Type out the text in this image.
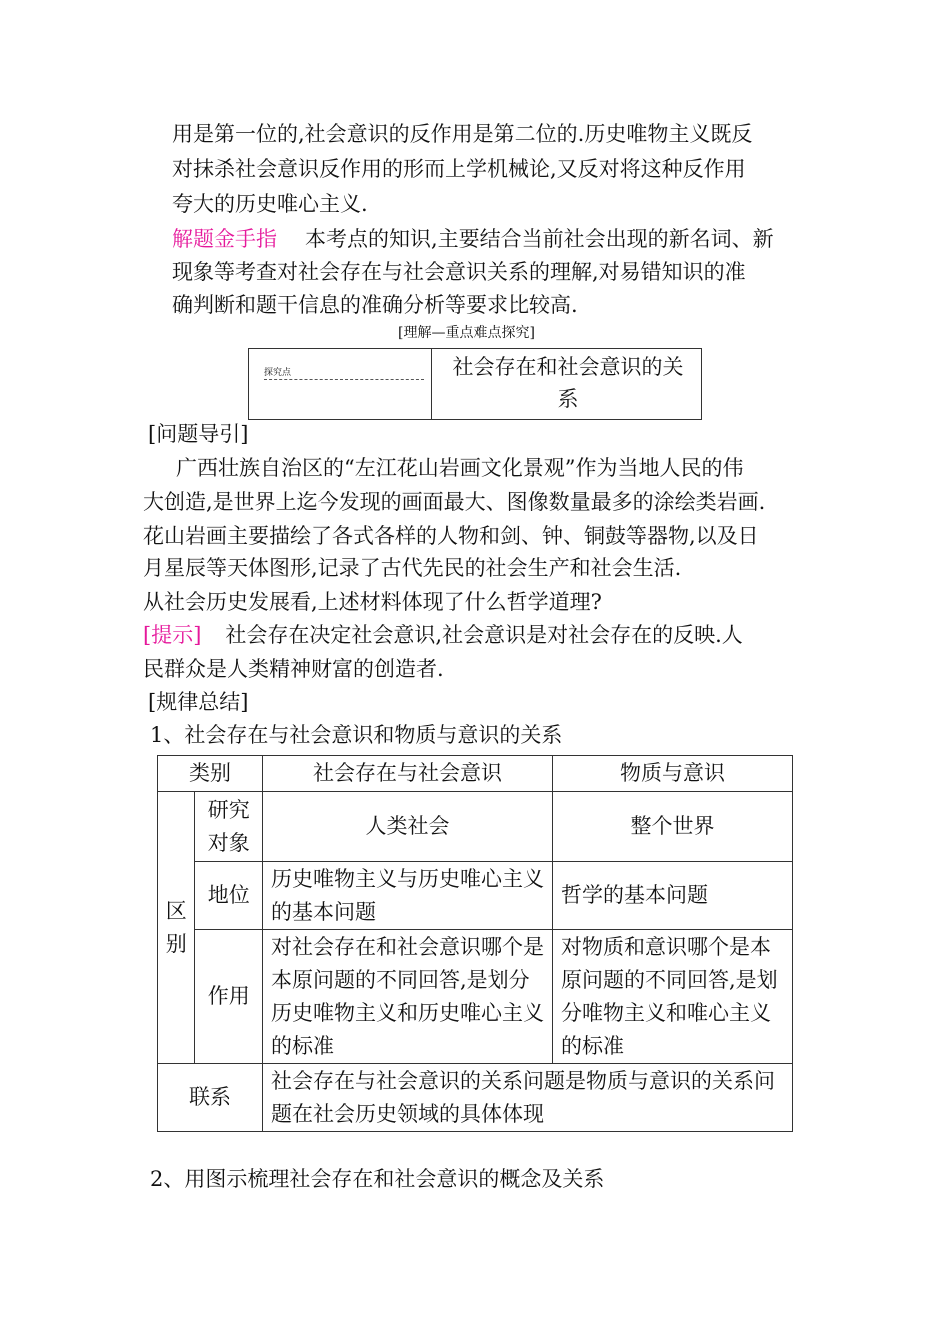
用是第一位的,社会意识的反作用是第二位的.历史唯物主义既反
对抹杀社会意识反作用的形而上学机械论,又反对将这种反作用
夸大的历史唯心主义.
解题金手指 本考点的知识,主要结合当前社会出现的新名词、新
现象等考查对社会存在与社会意识关系的理解,对易错知识的准
确判断和题干信息的准确分析等要求比较高.
[理解—重点难点探究]
社会存在和社会意识的关
系
探究点
[问题导引]
广西壮族自治区的“左江花山岩画文化景观”作为当地人民的伟
大创造,是世界上迄今发现的画面最大、图像数量最多的涂绘类岩画.
花山岩画主要描绘了各式各样的人物和剑、钟、铜鼓等器物,以及日
月星辰等天体图形,记录了古代先民的社会生产和社会生活.
从社会历史发展看,上述材料体现了什么哲学道理?
[提示] 社会存在决定社会意识,社会意识是对社会存在的反映.人
民群众是人类精神财富的创造者.
[规律总结]
1、社会存在与社会意识和物质与意识的关系
类别		社会存在与社会意识	物质与意识
区别	研究对象	人类社会	整个世界
	地位	历史唯物主义与历史唯心主义的基本问题	哲学的基本问题
	作用	对社会存在和社会意识哪个是本原问题的不同回答,是划分历史唯物主义和历史唯心主义的标准	对物质和意识哪个是本原问题的不同回答,是划分唯物主义和唯心主义的标准
联系		社会存在与社会意识的关系问题是物质与意识的关系问题在社会历史领域的具体体现	
2、用图示梳理社会存在和社会意识的概念及关系
